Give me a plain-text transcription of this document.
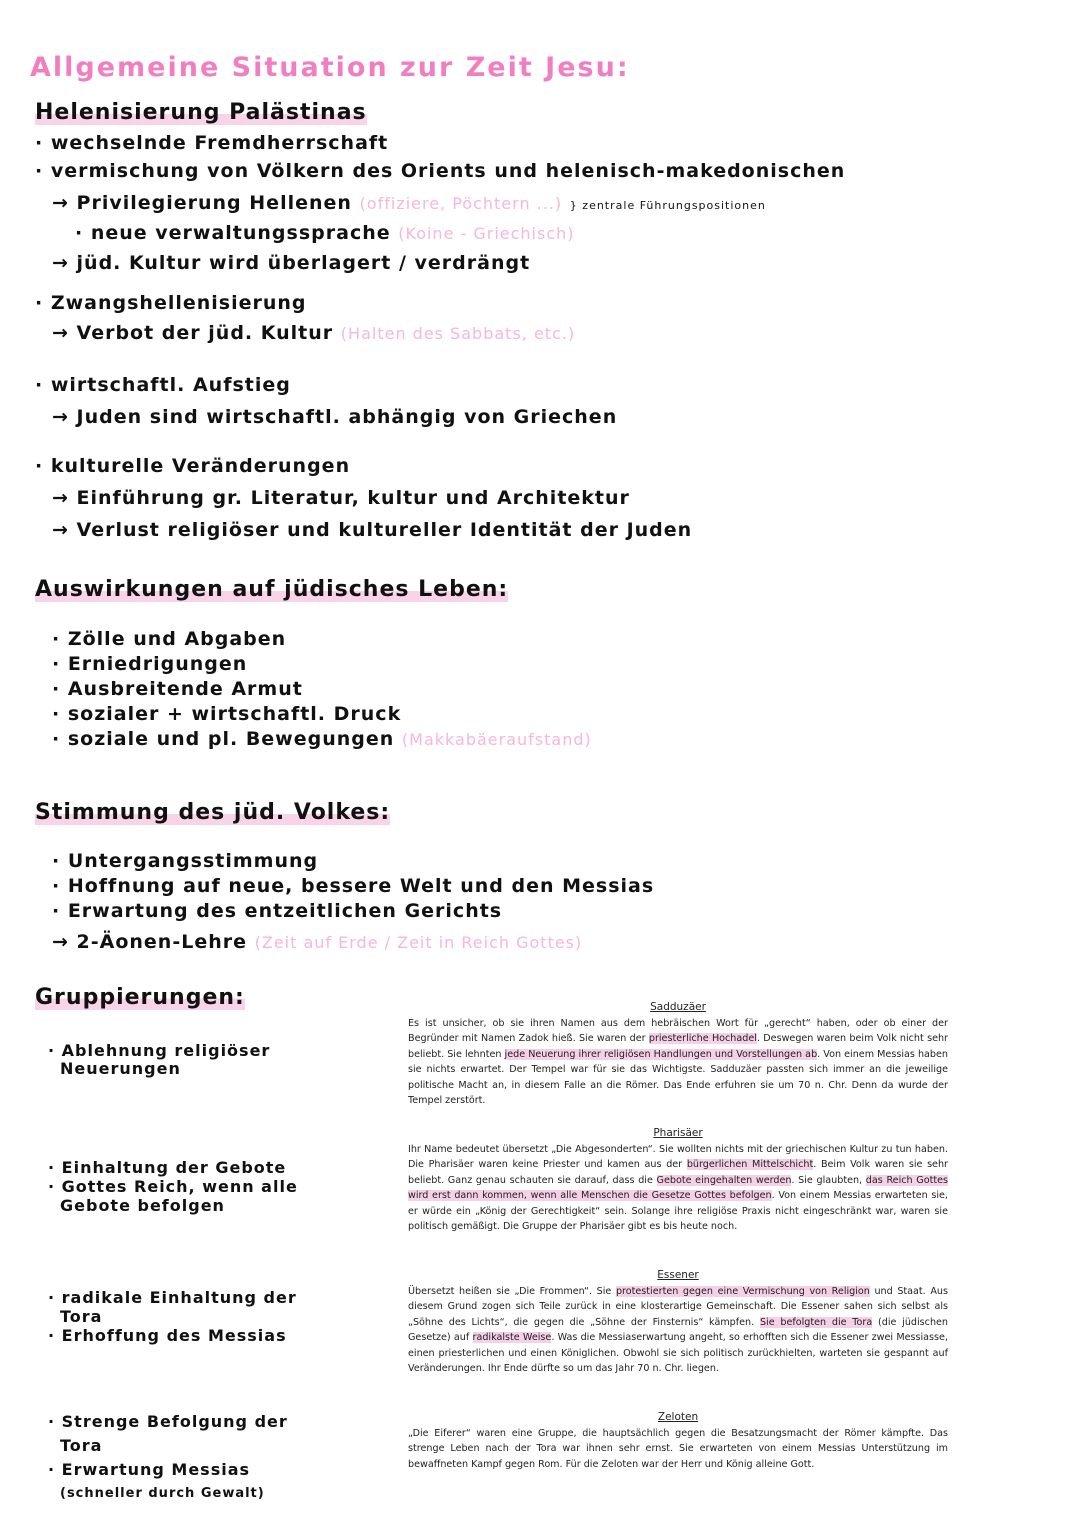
Allgemeine Situation zur Zeit Jesu:
Helenisierung Palästinas
· wechselnde Fremdherrschaft
· vermischung von Völkern des Orients und helenisch-makedonischen
→ Privilegierung Hellenen (offiziere, Pöchtern ...) } zentrale Führungspositionen
· neue verwaltungssprache (Koine - Griechisch)
→ jüd. Kultur wird überlagert / verdrängt
· Zwangshellenisierung
→ Verbot der jüd. Kultur (Halten des Sabbats, etc.)
· wirtschaftl. Aufstieg
→ Juden sind wirtschaftl. abhängig von Griechen
· kulturelle Veränderungen
→ Einführung gr. Literatur, kultur und Architektur
→ Verlust religiöser und kultureller Identität der Juden
Auswirkungen auf jüdisches Leben:
· Zölle und Abgaben
· Erniedrigungen
· Ausbreitende Armut
· sozialer + wirtschaftl. Druck
· soziale und pl. Bewegungen (Makkabäeraufstand)
Stimmung des jüd. Volkes:
· Untergangsstimmung
· Hoffnung auf neue, bessere Welt und den Messias
· Erwartung des entzeitlichen Gerichts
→ 2-Äonen-Lehre (Zeit auf Erde / Zeit in Reich Gottes)
Gruppierungen:
· Ablehnung religiöser
Neuerungen
· Einhaltung der Gebote
· Gottes Reich, wenn alle
Gebote befolgen
· radikale Einhaltung der
Tora
· Erhoffung des Messias
· Strenge Befolgung der
Tora
· Erwartung Messias
(schneller durch Gewalt)
Sadduzäer
Es ist unsicher, ob sie ihren Namen aus dem hebräischen Wort für „gerecht“ haben, oder ob einer der Begründer mit Namen Zadok hieß. Sie waren der priesterliche Hochadel. Deswegen waren beim Volk nicht sehr beliebt. Sie lehnten jede Neuerung ihrer religiösen Handlungen und Vorstellungen ab. Von einem Messias haben sie nichts erwartet. Der Tempel war für sie das Wichtigste. Sadduzäer passten sich immer an die jeweilige politische Macht an, in diesem Falle an die Römer. Das Ende erfuhren sie um 70 n. Chr. Denn da wurde der Tempel zerstört.
Pharisäer
Ihr Name bedeutet übersetzt „Die Abgesonderten“. Sie wollten nichts mit der griechischen Kultur zu tun haben. Die Pharisäer waren keine Priester und kamen aus der bürgerlichen Mittelschicht. Beim Volk waren sie sehr beliebt. Ganz genau schauten sie darauf, dass die Gebote eingehalten werden. Sie glaubten, das Reich Gottes wird erst dann kommen, wenn alle Menschen die Gesetze Gottes befolgen. Von einem Messias erwarteten sie, er würde ein „König der Gerechtigkeit“ sein. Solange ihre religiöse Praxis nicht eingeschränkt war, waren sie politisch gemäßigt. Die Gruppe der Pharisäer gibt es bis heute noch.
Essener
Übersetzt heißen sie „Die Frommen“. Sie protestierten gegen eine Vermischung von Religion und Staat. Aus diesem Grund zogen sich Teile zurück in eine klosterartige Gemeinschaft. Die Essener sahen sich selbst als „Söhne des Lichts“, die gegen die „Söhne der Finsternis“ kämpfen. Sie befolgten die Tora (die jüdischen Gesetze) auf radikalste Weise. Was die Messiaserwartung angeht, so erhofften sich die Essener zwei Messiasse, einen priesterlichen und einen Königlichen. Obwohl sie sich politisch zurückhielten, warteten sie gespannt auf Veränderungen. Ihr Ende dürfte so um das Jahr 70 n. Chr. liegen.
Zeloten
„Die Eiferer“ waren eine Gruppe, die hauptsächlich gegen die Besatzungsmacht der Römer kämpfte. Das strenge Leben nach der Tora war ihnen sehr ernst. Sie erwarteten von einem Messias Unterstützung im bewaffneten Kampf gegen Rom. Für die Zeloten war der Herr und König alleine Gott.
